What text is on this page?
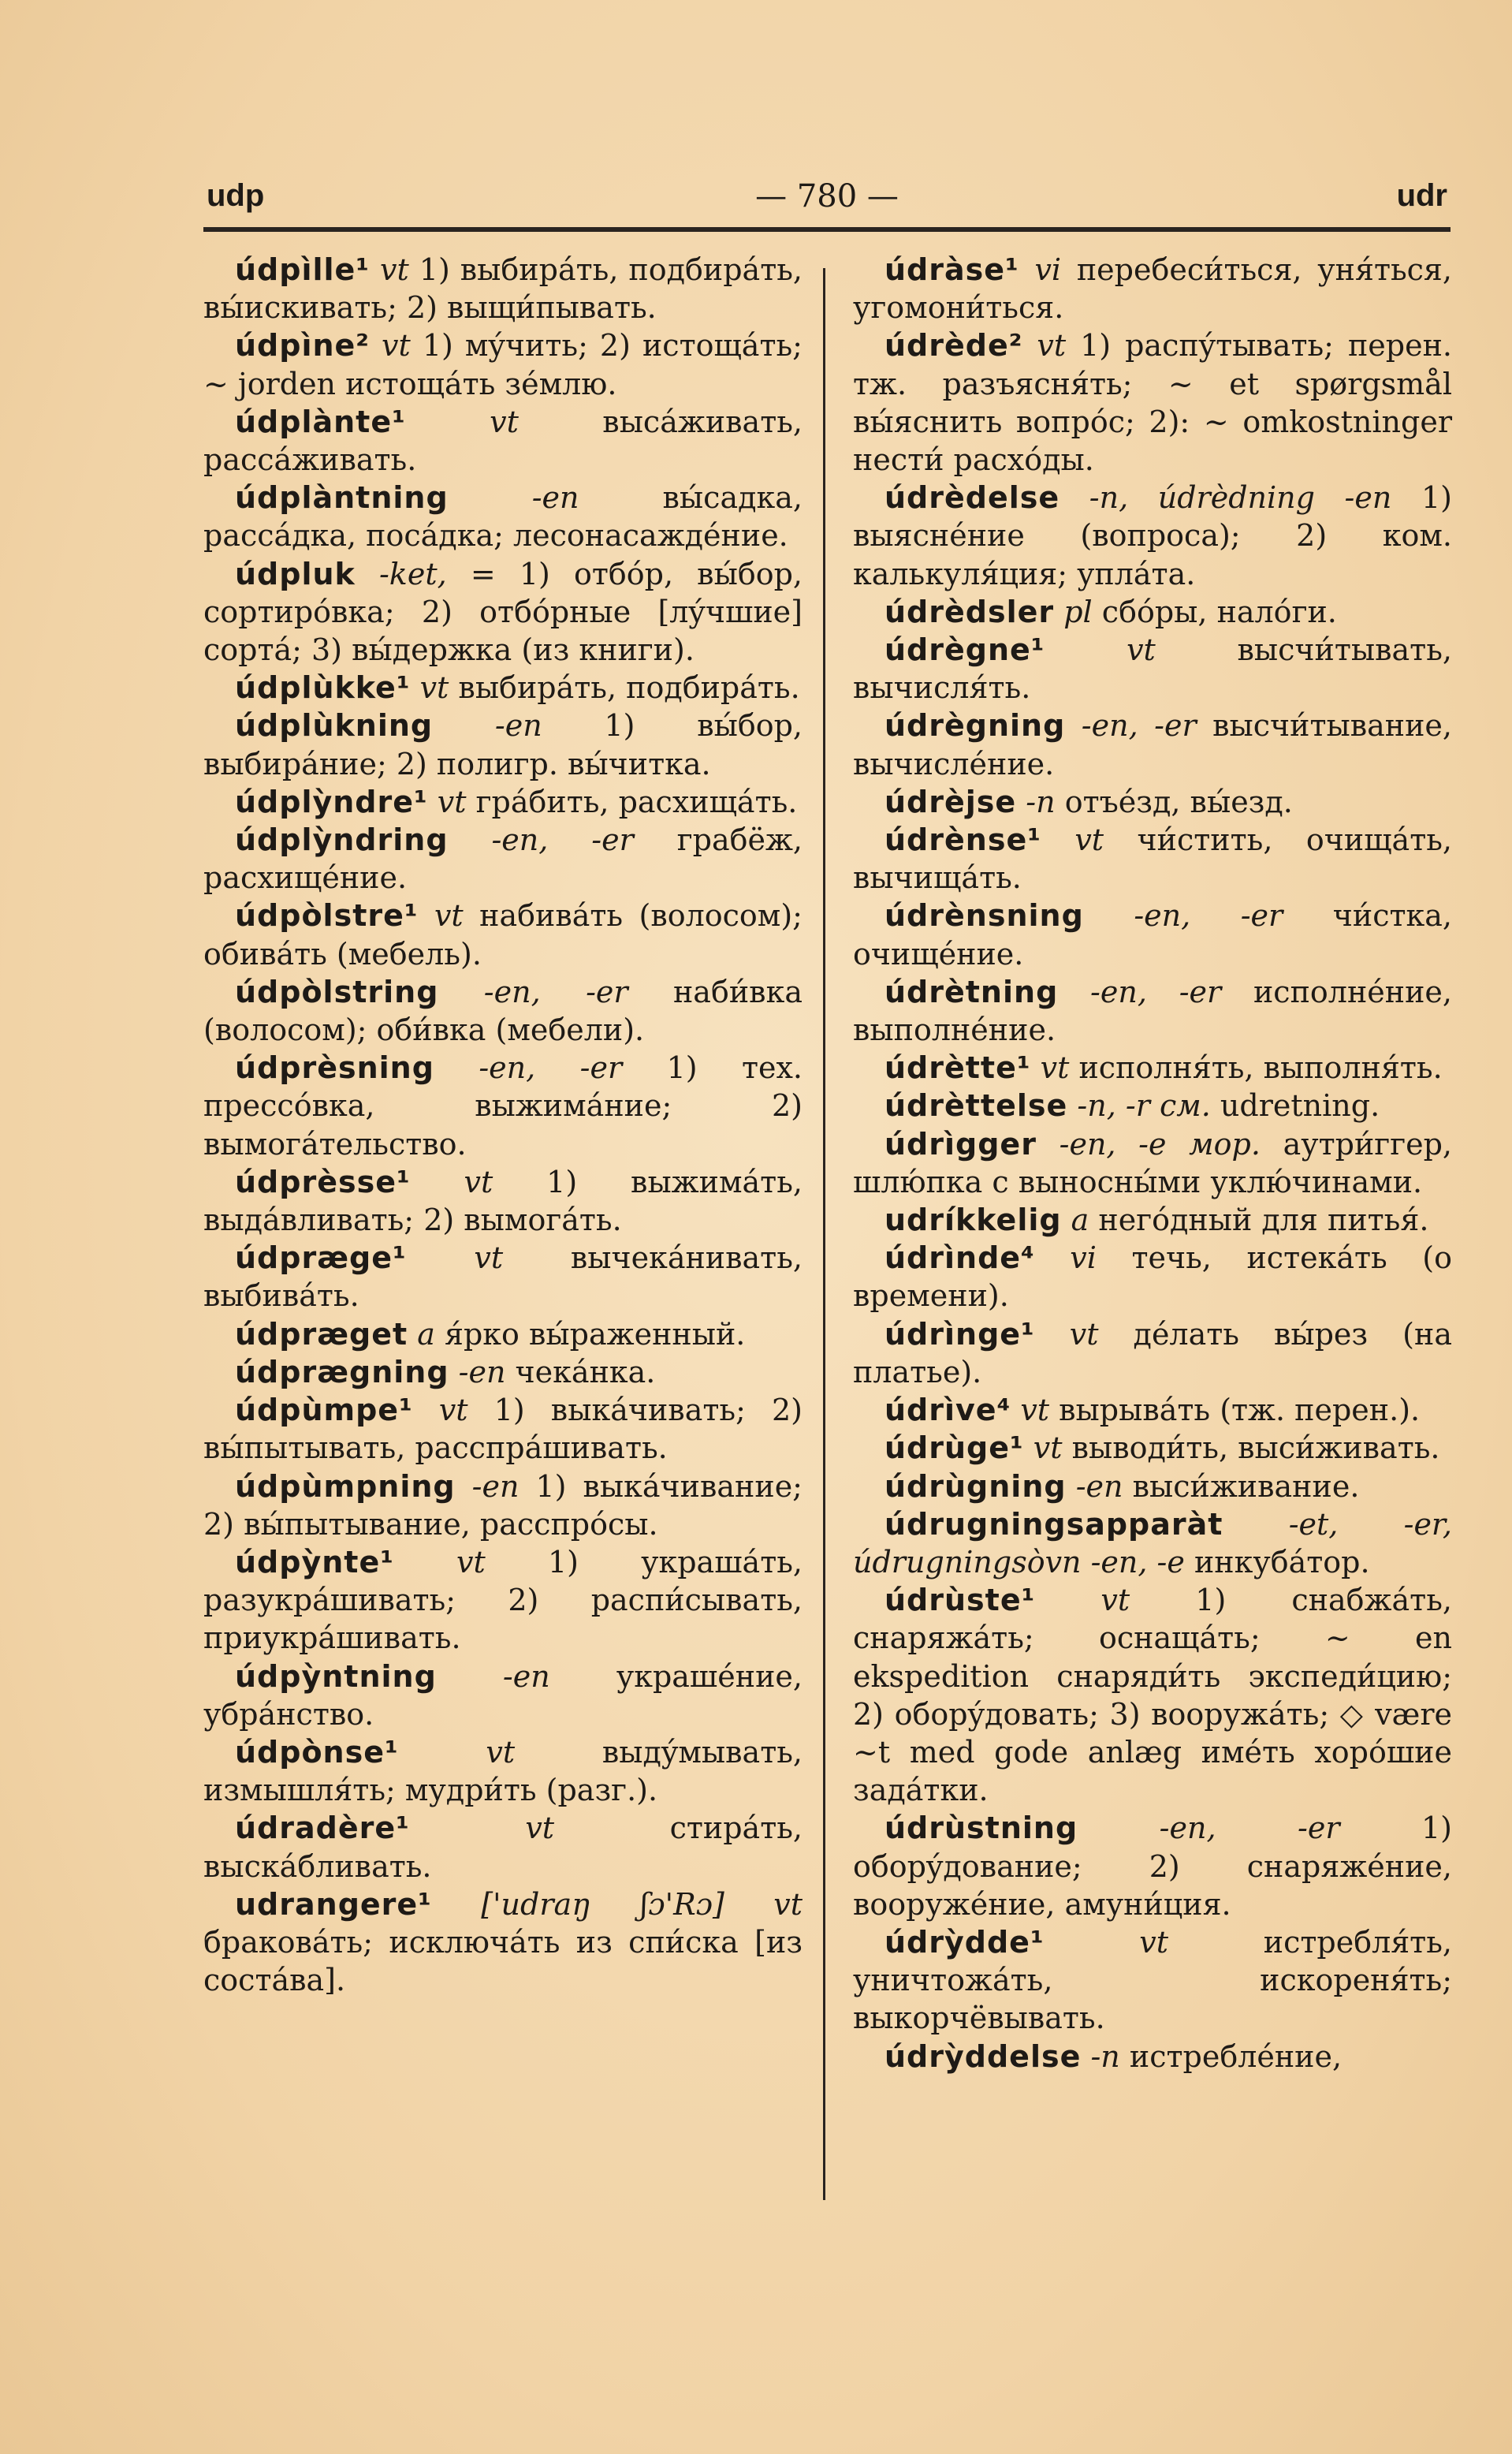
udp	— 780 —	udr

údpìlle¹ vt 1) выбирáть, подбирáть, вы́искивать; 2) выщи́пывать.

údpìne² vt 1) мýчить; 2) истощáть; ~ jorden истощáть зéмлю.

údplànte¹	vt	высáживать, рассáживать.

údplàntning	-en	вы́садка, рассáдка, посáдка; лесонасаждéние.

údpluk -ket, = 1) отбóр, вы́бор, сортирóвка; 2) отбóрные [лýчшие] сортá; 3) вы́держка (из книги).

údplùkke¹ vt выбирáть, подбирáть.

údplùkning -en 1) вы́бор, выбирáние; 2) полигр. вы́читка.

údplỳndre¹ vt грáбить, расхищáть.

údplỳndring -en, -er грабёж, расхищéние.

údpòlstre¹ vt набивáть (волосом); обивáть (мебель).

údpòlstring -en, -er наби́вка (волосом); оби́вка (мебели).

údprèsning -en, -er 1) тех. прессóвка, выжимáние; 2) вымогáтельство.

údprèsse¹ vt 1) выжимáть, выдáвливать; 2) вымогáть.

údprægе¹ vt вычекáнивать, выбивáть.

údpræget a я́рко вы́раженный.

údprægning -en чекáнка.

údpùmpe¹ vt 1) выкáчивать; 2) вы́пытывать, расспрáшивать.

údpùmpning -en 1) выкáчивание; 2) вы́пытывание, расспрóсы.

údpỳnte¹ vt 1) украшáть, разукрáшивать; 2) распи́сывать, приукрáшивать.

údpỳntning -en украшéние, убрáнство.

údpònse¹	vt	выдýмывать, измышля́ть; мудри́ть (разг.).

údradère¹	vt	стирáть, выскáбливать.

udrangere¹ ['udraŋ ʃɔ'Rɔ] vt браковáть; исключáть из спи́ска [из состáва].

údràse¹ vi перебеси́ться, уня́ться, угомони́ться.

údrède² vt 1) распýтывать; перен. тж. разъясня́ть; ~ et spørgsmål вы́яснить вопрóс; 2): ~ omkostninger нести́ расхóды.

údrèdelse -n, údrèdning -en 1) выяснéние (вопроса); 2) ком. калькуля́ция; уплáта.

údrèdsler pl сбóры, налóги.

údrègne¹	vt	высчи́тывать, вычисля́ть.

údrègning -en, -er высчи́тывание, вычислéние.

údrèjse -n отъéзд, вы́езд.

údrènse¹ vt чи́стить, очищáть, вычищáть.

údrènsning -en, -er чи́стка, очищéние.

údrètning -en, -er исполнéние, выполнéние.

údrètte¹ vt исполня́ть, выполня́ть.

údrèttelse -n, -r см. udretning.

údrìgger -en, -e мор. аутри́ггер, шлю́пка с вынoсны́ми уклю́чинами.

udríkkelig a негóдный для питья́.

údrìnde⁴ vi течь, истекáть (о времени).

údrìnge¹ vt дéлать вы́рез (на платье).

údrìve⁴ vt вырывáть (тж. перен.).

údrùge¹ vt выводи́ть, выси́живать.

údrùgning -en выси́живание.

údrugningsapparàt -et, -er, údrugningsòvn -en, -e инкубáтор.

údrùste¹ vt 1) снабжáть, снаряжáть; оснащáть; ~ en ekspedition снаряди́ть экспеди́цию; 2) оборýдовать; 3) вооружáть; ◇ være ~t med gode anlæg имéть хорóшие задáтки.

údrùstning	-en, -er	1) оборýдование; 2) снаряжéние, вооружéние, амуни́ция.

údrỳdde¹	vt	истребля́ть, уничтожáть, искореня́ть; выкорчёвывать.

údrỳddelse -n истреблéние,
